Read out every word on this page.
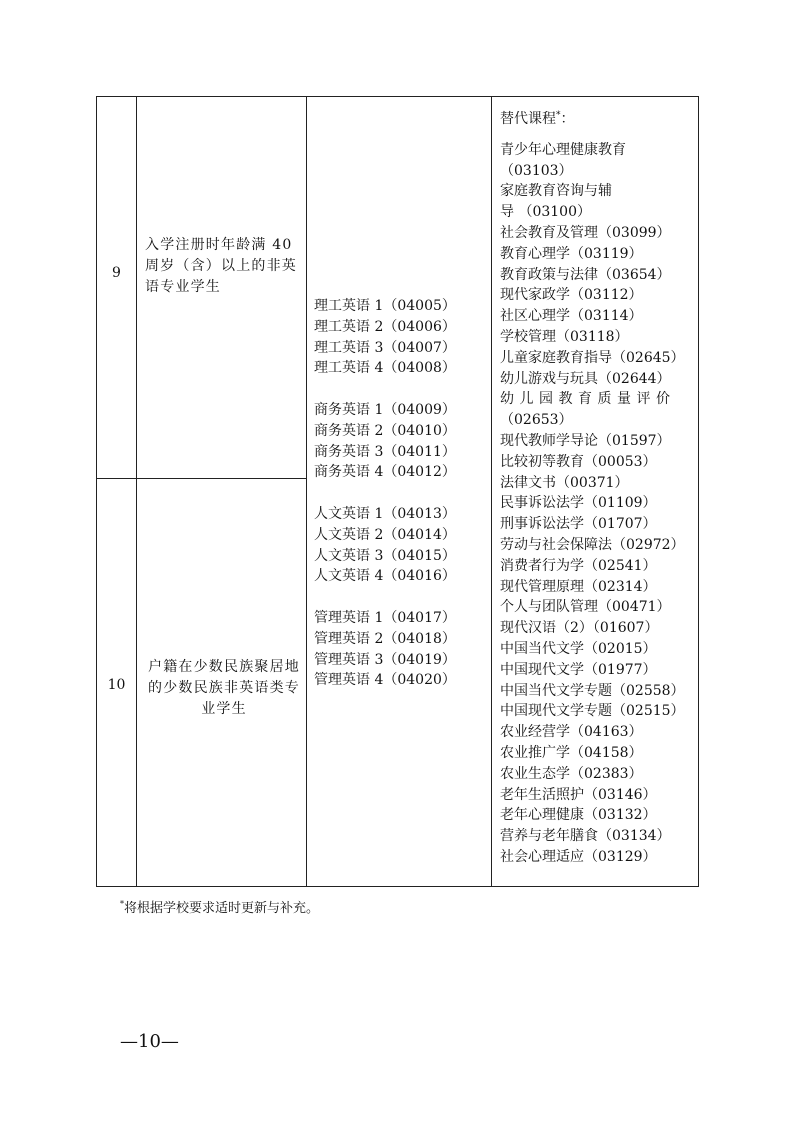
9
入学注册时年龄满 40 周岁（含）以上的非英语专业学生
10
户籍在少数民族聚居地的少数民族非英语类专业学生
理工英语 1（04005）
理工英语 2（04006）
理工英语 3（04007）
理工英语 4（04008）
商务英语 1（04009）
商务英语 2（04010）
商务英语 3（04011）
商务英语 4（04012）
人文英语 1（04013）
人文英语 2（04014）
人文英语 3（04015）
人文英语 4（04016）
管理英语 1（04017）
管理英语 2（04018）
管理英语 3（04019）
管理英语 4（04020）
替代课程*：
青少年心理健康教育
（03103）
家庭教育咨询与辅
导 （03100）
社会教育及管理（03099）
教育心理学（03119）
教育政策与法律（03654）
现代家政学（03112）
社区心理学（03114）
学校管理（03118）
儿童家庭教育指导（02645）
幼儿游戏与玩具（02644）
幼儿园教育质量评价
（02653）
现代教师学导论（01597）
比较初等教育（00053）
法律文书（00371）
民事诉讼法学（01109）
刑事诉讼法学（01707）
劳动与社会保障法（02972）
消费者行为学（02541）
现代管理原理（02314）
个人与团队管理（00471）
现代汉语（2）（01607）
中国当代文学（02015）
中国现代文学（01977）
中国当代文学专题（02558）
中国现代文学专题（02515）
农业经营学（04163）
农业推广学（04158）
农业生态学（02383）
老年生活照护（03146）
老年心理健康（03132）
营养与老年膳食（03134）
社会心理适应（03129）
*将根据学校要求适时更新与补充。
—10—
